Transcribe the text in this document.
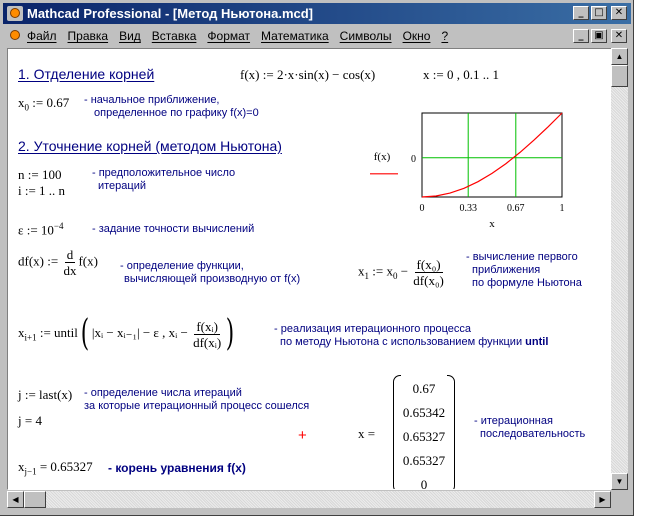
Mathcad Professional - [Метод Ньютона.mcd]	_	□	✕
Файл Правка Вид Вставка Формат Математика Символы Окно ?	_	▣	✕
1. Отделение корней	f(x) := 2·x·sin(x) − cos(x)	x := 0 , 0.1 .. 1
$x_0$ := 0.67 - начальное приближение,
определенное по графику f(x)=0
2. Уточнение корней (методом Ньютона)
n := 100
i := 1 .. n
- предположительное число
итераций
ε := $10^{-4}$	- задание точности вычислений
df(x) := $\frac{d}{dx} f(x)$ - определение функции,
вычисляющей производную от f(x)
$x_1$ := $x_0 - \frac{\text{f(x₀)}}{\text{df(x₀)}}$ - вычисление первого
приближения
по формуле Ньютона
$x_{i+1}$ := until( |xᵢ − xᵢ₋₁| − ε , xᵢ − $\frac{\text{f(xᵢ)}}{\text{df(xᵢ)}}$ )	- реализация итерационного процесса
по методу Ньютона с использованием функции until
j := last(x)
j = 4
- определение числа итераций
за которые итерационный процесс сошелся
+	x =
0.67
0.65342
0.65327
0.65327
0
- итерационная
последовательность
$x_{j-1} = 0.65327$ - корень уравнения f(x)
0	0.33	0.67	1
0
x
f(x)
▲
▼
◀	▶
